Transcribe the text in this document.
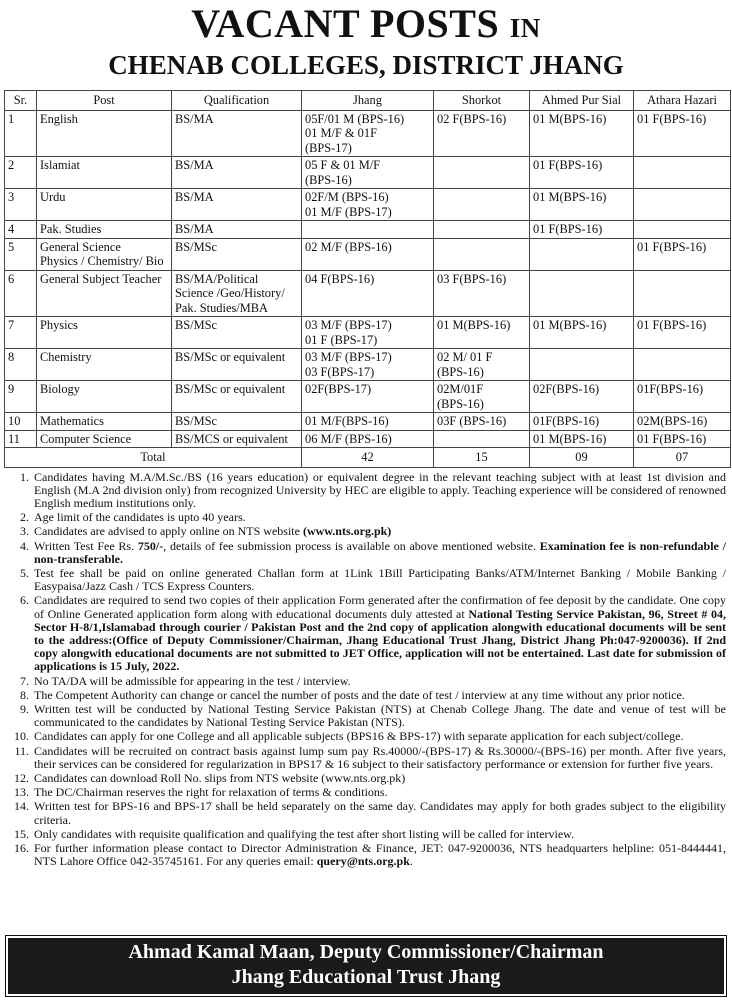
VACANT POSTS IN
CHENAB COLLEGES, DISTRICT JHANG
Sr.	Post	Qualification	Jhang	Shorkot	Ahmed Pur Sial	Athara Hazari
1	English	BS/MA	05F/01 M (BPS-16)
01 M/F & 01F
(BPS-17)	02 F(BPS-16)	01 M(BPS-16)	01 F(BPS-16)
2	Islamiat	BS/MA	05 F & 01 M/F
(BPS-16)		01 F(BPS-16)	
3	Urdu	BS/MA	02F/M (BPS-16)
01 M/F (BPS-17)		01 M(BPS-16)	
4	Pak. Studies	BS/MA			01 F(BPS-16)	
5	General Science
Physics / Chemistry/ Bio	BS/MSc	02 M/F (BPS-16)			01 F(BPS-16)
6	General Subject Teacher	BS/MA/Political
Science /Geo/History/
Pak. Studies/MBA	04 F(BPS-16)	03 F(BPS-16)		
7	Physics	BS/MSc	03 M/F (BPS-17)
01 F (BPS-17)	01 M(BPS-16)	01 M(BPS-16)	01 F(BPS-16)
8	Chemistry	BS/MSc or equivalent	03 M/F (BPS-17)
03 F(BPS-17)	02 M/ 01 F
(BPS-16)		
9	Biology	BS/MSc or equivalent	02F(BPS-17)	02M/01F
(BPS-16)	02F(BPS-16)	01F(BPS-16)
10	Mathematics	BS/MSc	01 M/F(BPS-16)	03F (BPS-16)	01F(BPS-16)	02M(BPS-16)
11	Computer Science	BS/MCS or equivalent	06 M/F (BPS-16)		01 M(BPS-16)	01 F(BPS-16)
Total			42	15	09	07
1. Candidates having M.A/M.Sc./BS (16 years education) or equivalent degree in the relevant teaching subject with at least 1st division and English (M.A 2nd division only) from recognized University by HEC are eligible to apply. Teaching experience will be considered of renowned English medium institutions only.
2. Age limit of the candidates is upto 40 years.
3. Candidates are advised to apply online on NTS website (www.nts.org.pk)
4. Written Test Fee Rs. 750/-, details of fee submission process is available on above mentioned website. Examination fee is non-refundable / non-transferable.
5. Test fee shall be paid on online generated Challan form at 1Link 1Bill Participating Banks/ATM/Internet Banking / Mobile Banking / Easypaisa/Jazz Cash / TCS Express Counters.
6. Candidates are required to send two copies of their application Form generated after the confirmation of fee deposit by the candidate. One copy of Online Generated application form along with educational documents duly attested at National Testing Service Pakistan, 96, Street # 04, Sector H-8/1,Islamabad through courier / Pakistan Post and the 2nd copy of application alongwith educational documents will be sent to the address:(Office of Deputy Commissioner/Chairman, Jhang Educational Trust Jhang, District Jhang Ph:047-9200036). If 2nd copy alongwith educational documents are not submitted to JET Office, application will not be entertained. Last date for submission of applications is 15 July, 2022.
7. No TA/DA will be admissible for appearing in the test / interview.
8. The Competent Authority can change or cancel the number of posts and the date of test / interview at any time without any prior notice.
9. Written test will be conducted by National Testing Service Pakistan (NTS) at Chenab College Jhang. The date and venue of test will be communicated to the candidates by National Testing Service Pakistan (NTS).
10. Candidates can apply for one College and all applicable subjects (BPS16 & BPS-17) with separate application for each subject/college.
11. Candidates will be recruited on contract basis against lump sum pay Rs.40000/-(BPS-17) & Rs.30000/-(BPS-16) per month. After five years, their services can be considered for regularization in BPS17 & 16 subject to their satisfactory performance or extension for further five years.
12. Candidates can download Roll No. slips from NTS website (www.nts.org.pk)
13. The DC/Chairman reserves the right for relaxation of terms & conditions.
14. Written test for BPS-16 and BPS-17 shall be held separately on the same day. Candidates may apply for both grades subject to the eligibility criteria.
15. Only candidates with requisite qualification and qualifying the test after short listing will be called for interview.
16. For further information please contact to Director Administration & Finance, JET: 047-9200036, NTS headquarters helpline: 051-8444441, NTS Lahore Office 042-35745161. For any queries email: query@nts.org.pk.
Ahmad Kamal Maan, Deputy Commissioner/Chairman
Jhang Educational Trust Jhang
